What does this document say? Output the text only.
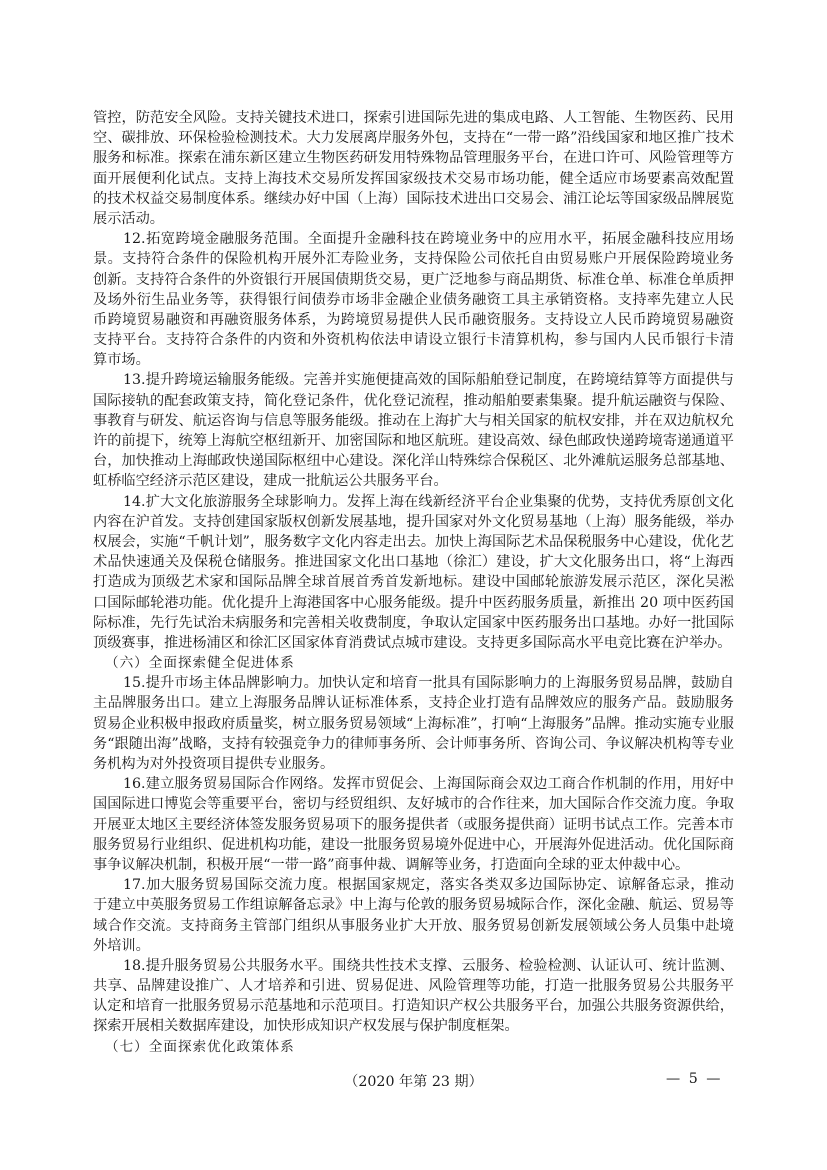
管控，防范安全风险。支持关键技术进口，探索引进国际先进的集成电路、人工智能、生物医药、民用
空、碳排放、环保检验检测技术。大力发展离岸服务外包，支持在“一带一路”沿线国家和地区推广技术
服务和标准。探索在浦东新区建立生物医药研发用特殊物品管理服务平台，在进口许可、风险管理等方
面开展便利化试点。支持上海技术交易所发挥国家级技术交易市场功能，健全适应市场要素高效配置
的技术权益交易制度体系。继续办好中国（上海）国际技术进出口交易会、浦江论坛等国家级品牌展览
展示活动。
12.拓宽跨境金融服务范围。全面提升金融科技在跨境业务中的应用水平，拓展金融科技应用场
景。支持符合条件的保险机构开展外汇寿险业务，支持保险公司依托自由贸易账户开展保险跨境业务
创新。支持符合条件的外资银行开展国债期货交易，更广泛地参与商品期货、标准仓单、标准仓单质押
及场外衍生品业务等，获得银行间债券市场非金融企业债务融资工具主承销资格。支持率先建立人民
币跨境贸易融资和再融资服务体系，为跨境贸易提供人民币融资服务。支持设立人民币跨境贸易融资
支持平台。支持符合条件的内资和外资机构依法申请设立银行卡清算机构，参与国内人民币银行卡清
算市场。
13.提升跨境运输服务能级。完善并实施便捷高效的国际船舶登记制度，在跨境结算等方面提供与
国际接轨的配套政策支持，简化登记条件，优化登记流程，推动船舶要素集聚。提升航运融资与保险、
事教育与研发、航运咨询与信息等服务能级。推动在上海扩大与相关国家的航权安排，并在双边航权允
许的前提下，统筹上海航空枢纽新开、加密国际和地区航班。建设高效、绿色邮政快递跨境寄递通道平
台，加快推动上海邮政快递国际枢纽中心建设。深化洋山特殊综合保税区、北外滩航运服务总部基地、
虹桥临空经济示范区建设，建成一批航运公共服务平台。
14.扩大文化旅游服务全球影响力。发挥上海在线新经济平台企业集聚的优势，支持优秀原创文化
内容在沪首发。支持创建国家版权创新发展基地，提升国家对外文化贸易基地（上海）服务能级，举办
权展会，实施“千帆计划”，服务数字文化内容走出去。加快上海国际艺术品保税服务中心建设，优化艺
术品快速通关及保税仓储服务。推进国家文化出口基地（徐汇）建设，扩大文化服务出口，将“上海西
打造成为顶级艺术家和国际品牌全球首展首秀首发新地标。建设中国邮轮旅游发展示范区，深化吴淞
口国际邮轮港功能。优化提升上海港国客中心服务能级。提升中医药服务质量，新推出 20 项中医药国
际标准，先行先试治未病服务和完善相关收费制度，争取认定国家中医药服务出口基地。办好一批国际
顶级赛事，推进杨浦区和徐汇区国家体育消费试点城市建设。支持更多国际高水平电竞比赛在沪举办。
（六）全面探索健全促进体系
15.提升市场主体品牌影响力。加快认定和培育一批具有国际影响力的上海服务贸易品牌，鼓励自
主品牌服务出口。建立上海服务品牌认证标准体系，支持企业打造有品牌效应的服务产品。鼓励服务
贸易企业积极申报政府质量奖，树立服务贸易领域“上海标准”，打响“上海服务”品牌。推动实施专业服
务“跟随出海”战略，支持有较强竞争力的律师事务所、会计师事务所、咨询公司、争议解决机构等专业
务机构为对外投资项目提供专业服务。
16.建立服务贸易国际合作网络。发挥市贸促会、上海国际商会双边工商合作机制的作用，用好中
国国际进口博览会等重要平台，密切与经贸组织、友好城市的合作往来，加大国际合作交流力度。争取
开展亚太地区主要经济体签发服务贸易项下的服务提供者（或服务提供商）证明书试点工作。完善本市
服务贸易行业组织、促进机构功能，建设一批服务贸易境外促进中心，开展海外促进活动。优化国际商
事争议解决机制，积极开展“一带一路”商事仲裁、调解等业务，打造面向全球的亚太仲裁中心。
17.加大服务贸易国际交流力度。根据国家规定，落实各类双多边国际协定、谅解备忘录，推动
于建立中英服务贸易工作组谅解备忘录》中上海与伦敦的服务贸易城际合作，深化金融、航运、贸易等
域合作交流。支持商务主管部门组织从事服务业扩大开放、服务贸易创新发展领域公务人员集中赴境
外培训。
18.提升服务贸易公共服务水平。围绕共性技术支撑、云服务、检验检测、认证认可、统计监测、
共享、品牌建设推广、人才培养和引进、贸易促进、风险管理等功能，打造一批服务贸易公共服务平
认定和培育一批服务贸易示范基地和示范项目。打造知识产权公共服务平台，加强公共服务资源供给，
探索开展相关数据库建设，加快形成知识产权发展与保护制度框架。
（七）全面探索优化政策体系
（2020 年第 23 期）	— 5 —
